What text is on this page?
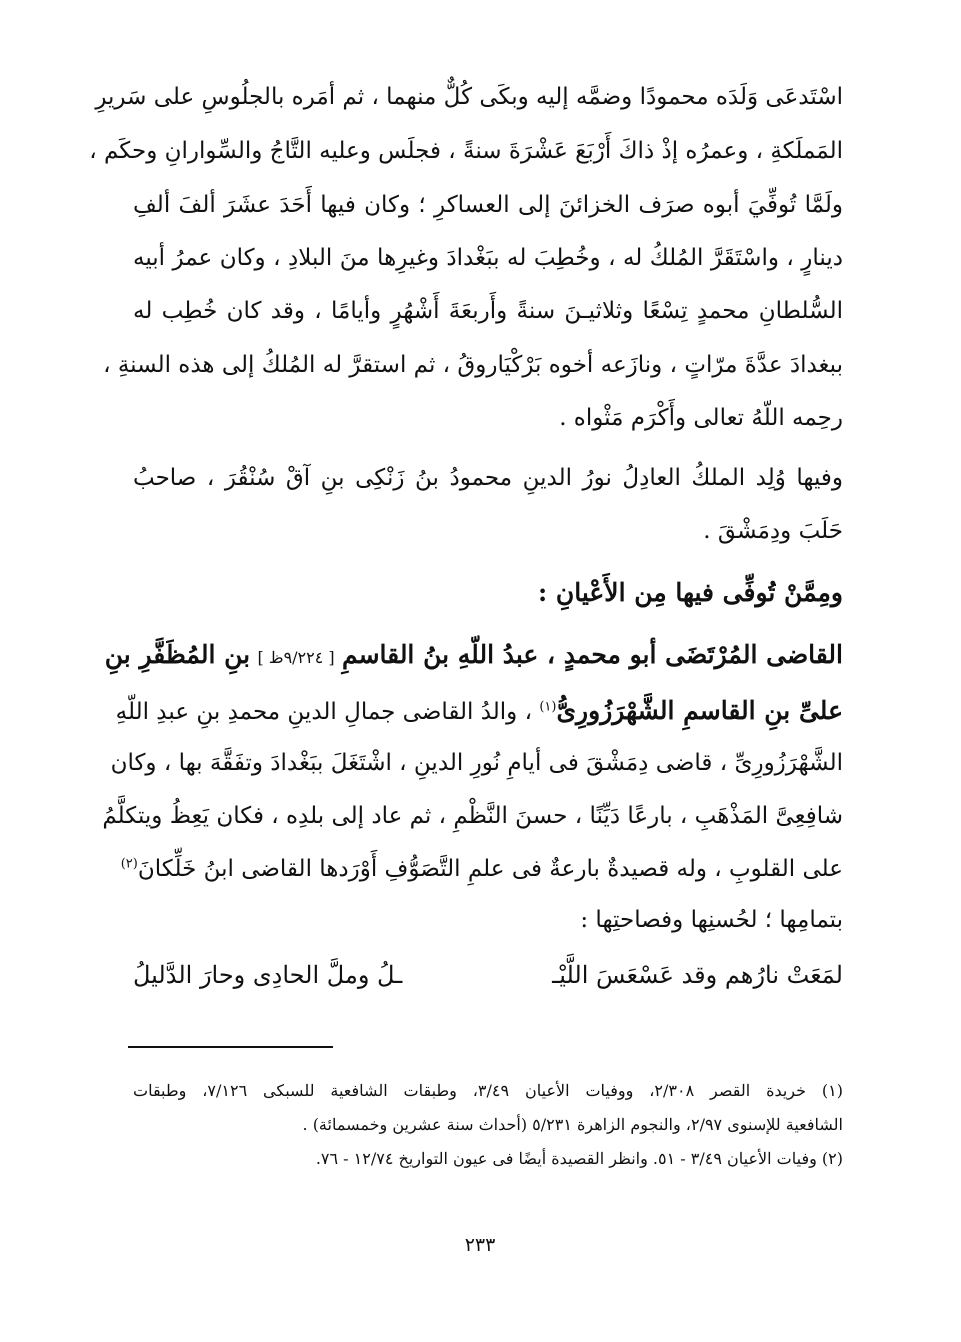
اسْتَدعَى وَلَدَه محمودًا وضمَّه إليه وبكَى كُلٌّ منهما ، ثم أمَره بالجلُوسِ على سَريرِ
المَملَكةِ ، وعمرُه إذْ ذاكَ أَرْبَعَ عَشْرَةَ سنةً ، فجلَس وعليه التَّاجُ والسِّوارانِ وحكَم ،
ولَمَّا تُوفِّيَ أبوه صرَف الخزائنَ إلى العساكرِ ؛ وكان فيها أَحَدَ عشَرَ ألفَ ألفِ
دينارٍ ، واسْتَقَرَّ المُلكُ له ، وخُطِبَ له ببَغْدادَ وغيرِها منَ البلادِ ، وكان عمرُ أبيه
السُّلطانِ محمدٍ تِسْعًا وثلاثيـنَ سنةً وأَربعَةَ أَشْهُرٍ وأيامًا ، وقد كان خُطِب له
ببغدادَ عدَّةَ مرّاتٍ ، ونازَعه أخوه بَرْكْيَاروقُ ، ثم استقرَّ له المُلكُ إلى هذه السنةِ ،
رحِمه اللّهُ تعالى وأَكْرَم مَثْواه .
وفيها وُلِد الملكُ العادِلُ نورُ الدينِ محمودُ بنُ زَنْكِى بنِ آقْ سُنْقُرَ ، صاحبُ
حَلَبَ ودِمَشْقَ .
ومِمَّنْ تُوفِّى فيها مِن الأَعْيانِ :
القاضى المُرْتَضَى أبو محمدٍ ، عبدُ اللّهِ بنُ القاسمِ [ ٩/٢٢٤ظ ] بنِ المُظَفَّرِ بنِ
علىِّ بنِ القاسمِ الشَّهْرَزُورِىُّ$^{(١)}$ ، والدُ القاضى جمالِ الدينِ محمدِ بنِ عبدِ اللّهِ
الشَّهْرَزُورِىِّ ، قاضى دِمَشْقَ فى أيامِ نُورِ الدينِ ، اشْتَغَلَ ببَغْدادَ وتفَقَّهَ بها ، وكان
شافِعِىَّ المَذْهَبِ ، بارعًا دَيِّنًا ، حسنَ النَّظْمِ ، ثم عاد إلى بلدِه ، فكان يَعِظُ ويتكلَّمُ
على القلوبِ ، وله قصيدةٌ بارعةٌ فى علمِ التَّصَوُّفِ أَوْرَدها القاضى ابنُ خَلِّكانَ$^{(٢)}$
بتمامِها ؛ لحُسنِها وفصاحتِها :
لمَعَتْ نارُهم وقد عَسْعَسَ اللَّيْـ
ـلُ وملَّ الحادِى وحارَ الدَّليلُ
(١) خريدة القصر ٢/٣٠٨، ووفيات الأعيان ٣/٤٩، وطبقات الشافعية للسبكى ٧/١٢٦، وطبقات
الشافعية للإسنوى ٢/٩٧، والنجوم الزاهرة ٥/٢٣١ (أحداث سنة عشرين وخمسمائة) .
(٢) وفيات الأعيان ٣/٤٩ - ٥١. وانظر القصيدة أيضًا فى عيون التواريخ ١٢/٧٤ - ٧٦.
٢٣٣
